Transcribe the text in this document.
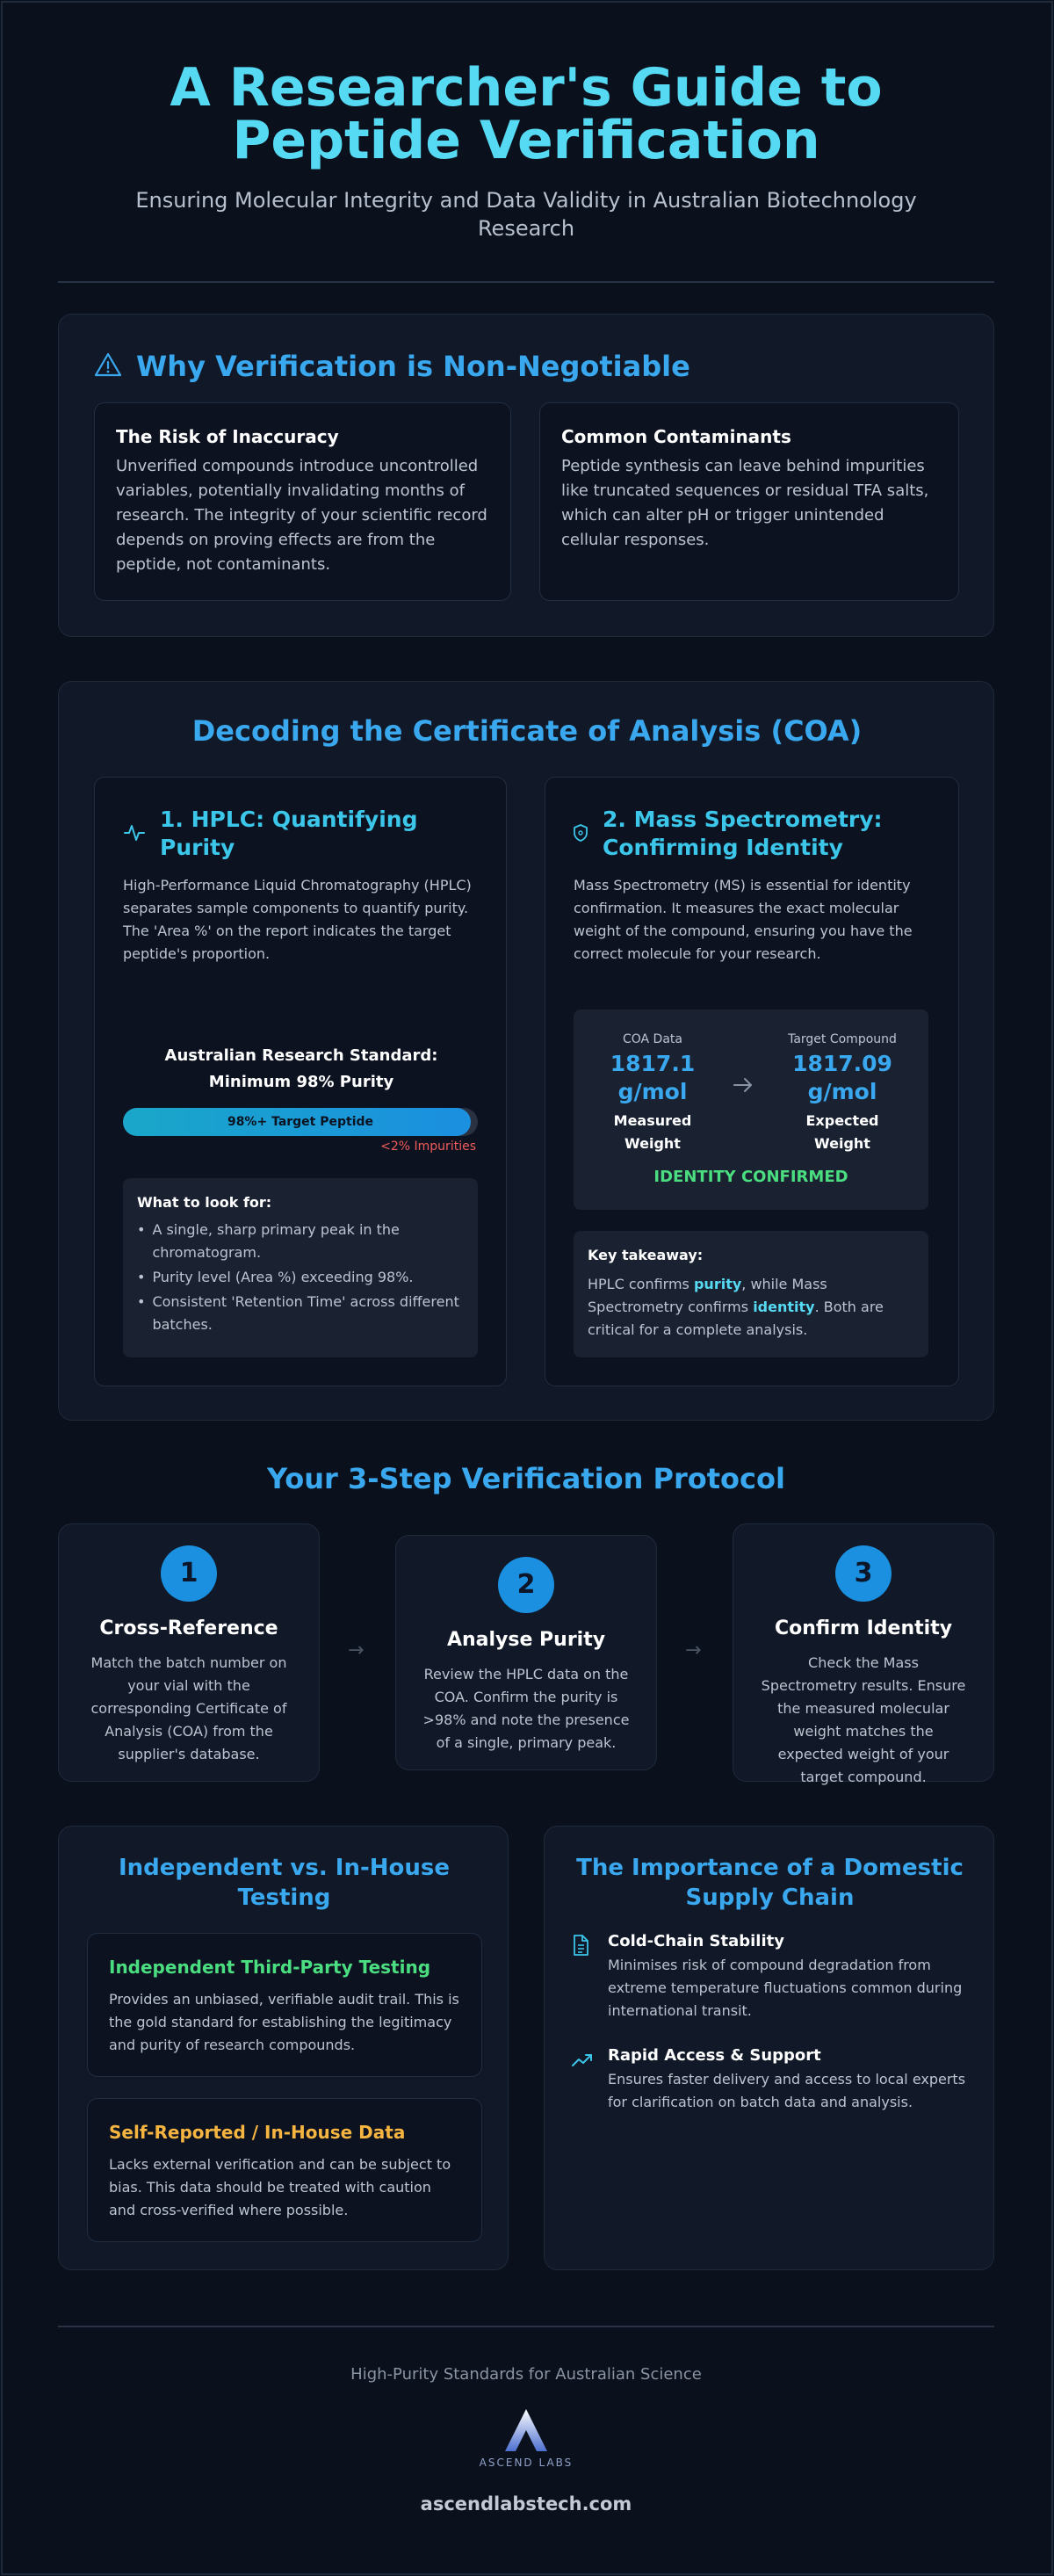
A Researcher's Guide to
Peptide Verification
Ensuring Molecular Integrity and Data Validity in Australian Biotechnology Research
Why Verification is Non-Negotiable
The Risk of Inaccuracy
Unverified compounds introduce uncontrolled variables, potentially invalidating months of research. The integrity of your scientific record depends on proving effects are from the peptide, not contaminants.
Common Contaminants
Peptide synthesis can leave behind impurities like truncated sequences or residual TFA salts, which can alter pH or trigger unintended cellular responses.
Decoding the Certificate of Analysis (COA)
1. HPLC: Quantifying
Purity
High-Performance Liquid Chromatography (HPLC) separates sample components to quantify purity. The 'Area %' on the report indicates the target peptide's proportion.
Australian Research Standard:
Minimum 98% Purity
98%+ Target Peptide
<2% Impurities
What to look for:
• A single, sharp primary peak in the chromatogram.
• Purity level (Area %) exceeding 98%.
• Consistent 'Retention Time' across different batches.
2. Mass Spectrometry:
Confirming Identity
Mass Spectrometry (MS) is essential for identity confirmation. It measures the exact molecular weight of the compound, ensuring you have the correct molecule for your research.
COA Data
1817.1
g/mol
Measured
Weight
Target Compound
1817.09
g/mol
Expected
Weight
IDENTITY CONFIRMED
Key takeaway:
HPLC confirms purity, while Mass Spectrometry confirms identity. Both are critical for a complete analysis.
Your 3-Step Verification Protocol
1
Cross-Reference
Match the batch number on your vial with the corresponding Certificate of Analysis (COA) from the supplier's database.
→
2
Analyse Purity
Review the HPLC data on the COA. Confirm the purity is >98% and note the presence of a single, primary peak.
→
3
Confirm Identity
Check the Mass Spectrometry results. Ensure the measured molecular weight matches the expected weight of your target compound.
Independent vs. In-House
Testing
Independent Third-Party Testing
Provides an unbiased, verifiable audit trail. This is the gold standard for establishing the legitimacy and purity of research compounds.
Self-Reported / In-House Data
Lacks external verification and can be subject to bias. This data should be treated with caution and cross-verified where possible.
The Importance of a Domestic
Supply Chain
Cold-Chain Stability
Minimises risk of compound degradation from extreme temperature fluctuations common during international transit.
Rapid Access & Support
Ensures faster delivery and access to local experts for clarification on batch data and analysis.
High-Purity Standards for Australian Science
ASCEND LABS
ascendlabstech.com
